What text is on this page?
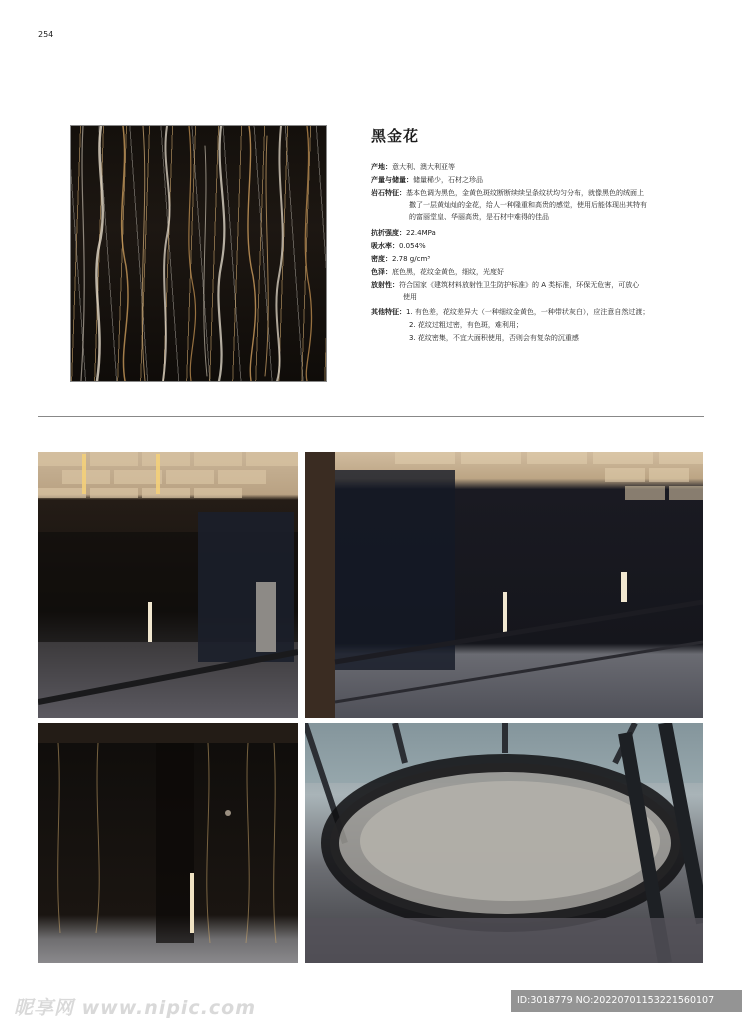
254
黑金花
产地：意大利、澳大利亚等
产量与储量：储量稀少，石材之珍品
岩石特征：基本色调为黑色，金黄色斑纹断断续续呈条纹状均匀分布，就像黑色的绒面上
撒了一层黄灿灿的金花，给人一种隆重和高贵的感觉，使用后能体现出其特有
的富丽堂皇、华丽高贵，是石材中难得的佳品
抗折强度：22.4MPa
吸水率：0.054%
密度：2.78 g/cm³
色泽：底色黑，花纹金黄色，细纹，光度好
放射性：符合国家《建筑材料放射性卫生防护标准》的 A 类标准，环保无危害，可放心
使用
其他特征：1. 有色差，花纹差异大（一种细纹金黄色，一种带状灰白），应注意自然过渡；
2. 花纹过粗过密，有色斑，难利用；
3. 花纹密集，不宜大面积使用，否则会有复杂的沉重感
昵享网 www.nipic.com	ID:3018779 NO:20220701153221560107
